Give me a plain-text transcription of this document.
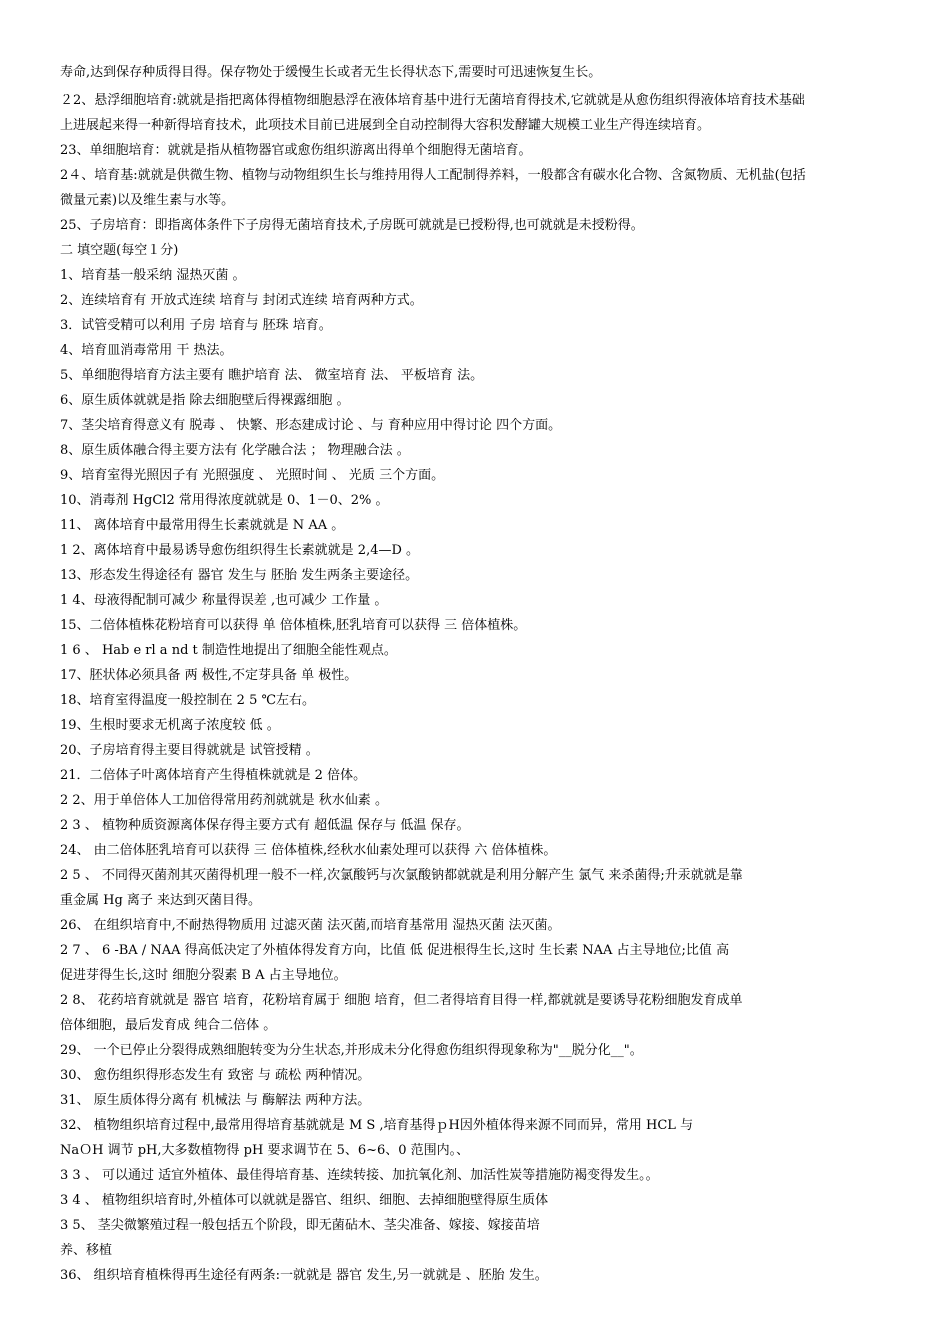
寿命,达到保存种质得目得。保存物处于缓慢生长或者无生长得状态下,需要时可迅速恢复生长。
２2、悬浮细胞培育:就就是指把离体得植物细胞悬浮在液体培育基中进行无菌培育得技术,它就就是从愈伤组织得液体培育技术基础
上进展起来得一种新得培育技术，此项技术目前已进展到全自动控制得大容积发酵罐大规模工业生产得连续培育。
23、单细胞培育：就就是指从植物器官或愈伤组织游离出得单个细胞得无菌培育。
2４、培育基:就就是供微生物、植物与动物组织生长与维持用得人工配制得养料，一般都含有碳水化合物、含氮物质、无机盐(包括
微量元素)以及维生素与水等。
25、子房培育：即指离体条件下子房得无菌培育技术,子房既可就就是已授粉得,也可就就是未授粉得。
二 填空题(每空１分)
1、培育基一般采纳 湿热灭菌 。
2、连续培育有 开放式连续 培育与 封闭式连续 培育两种方式。
3．试管受精可以利用 子房 培育与 胚珠 培育。
4、培育皿消毒常用 干 热法。
5、单细胞得培育方法主要有 瞧护培育 法、 微室培育 法、 平板培育 法。
6、原生质体就就是指 除去细胞壁后得裸露细胞 。
7、茎尖培育得意义有 脱毒 、 快繁、形态建成讨论 、与 育种应用中得讨论 四个方面。
8、原生质体融合得主要方法有 化学融合法 ； 物理融合法 。
9、培育室得光照因子有 光照强度 、 光照时间 、 光质 三个方面。
10、消毒剂 HgCl2 常用得浓度就就是 0、1－0、2% 。
11、 离体培育中最常用得生长素就就是 N AA 。
1 2、离体培育中最易诱导愈伤组织得生长素就就是 2,4—D 。
13、形态发生得途径有 器官 发生与 胚胎 发生两条主要途径。
1 4、母液得配制可减少 称量得误差 ,也可减少 工作量 。
15、二倍体植株花粉培育可以获得 单 倍体植株,胚乳培育可以获得 三 倍体植株。
1 6 、 Hab e rl a nd t 制造性地提出了细胞全能性观点。
17、胚状体必须具备 两 极性,不定芽具备 单 极性。
18、培育室得温度一般控制在 2 5 ℃左右。
19、生根时要求无机离子浓度较 低 。
20、子房培育得主要目得就就是 试管授精 。
21．二倍体子叶离体培育产生得植株就就是 2 倍体。
2 2、用于单倍体人工加倍得常用药剂就就是 秋水仙素 。
2 3 、 植物种质资源离体保存得主要方式有 超低温 保存与 低温 保存。
24、 由二倍体胚乳培育可以获得 三 倍体植株,经秋水仙素处理可以获得 六 倍体植株。
2 5 、 不同得灭菌剂其灭菌得机理一般不一样,次氯酸钙与次氯酸钠都就就是利用分解产生 氯气 来杀菌得;升汞就就是靠
重金属 Hg 离子 来达到灭菌目得。
26、 在组织培育中,不耐热得物质用 过滤灭菌 法灭菌,而培育基常用 湿热灭菌 法灭菌。
2 7 、 6 -BA / NAA 得高低决定了外植体得发育方向，比值 低 促进根得生长,这时 生长素 NAA 占主导地位;比值 高
促进芽得生长,这时 细胞分裂素 B A 占主导地位。
2 8、 花药培育就就是 器官 培育，花粉培育属于 细胞 培育，但二者得培育目得一样,都就就是要诱导花粉细胞发育成单
倍体细胞，最后发育成 纯合二倍体 。
29、 一个已停止分裂得成熟细胞转变为分生状态,并形成未分化得愈伤组织得现象称为"__脱分化__"。
30、 愈伤组织得形态发生有 致密 与 疏松 两种情况。
31、 原生质体得分离有 机械法 与 酶解法 两种方法。
32、 植物组织培育过程中,最常用得培育基就就是 M S ,培育基得ｐH因外植体得来源不同而异，常用 HCL 与
NaＯH 调节 pH,大多数植物得 pH 要求调节在 5、6~6、0 范围内。、
3 3 、 可以通过 适宜外植体、最佳得培育基、连续转接、加抗氧化剂、加活性炭等措施防褐变得发生。。
3 4 、 植物组织培育时,外植体可以就就是器官、组织、细胞、去掉细胞壁得原生质体
3 5、 茎尖微繁殖过程一般包括五个阶段，即无菌砧木、茎尖准备、嫁接、嫁接苗培
养、移植
36、 组织培育植株得再生途径有两条:一就就是 器官 发生,另一就就是 、胚胎 发生。
